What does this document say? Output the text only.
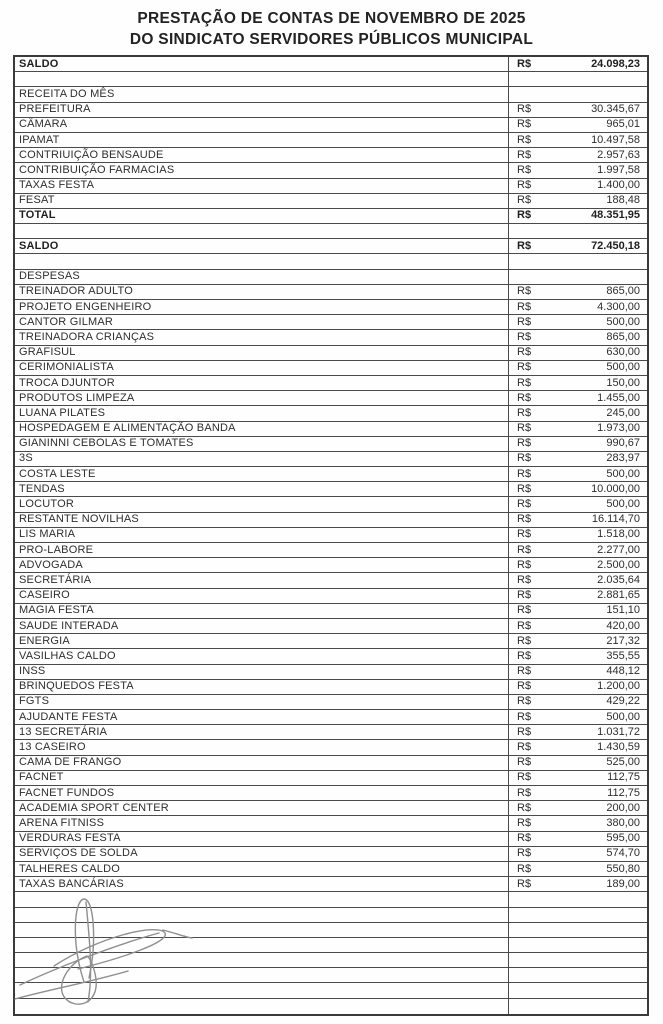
PRESTAÇÃO DE CONTAS DE NOVEMBRO DE 2025
DO SINDICATO SERVIDORES PÚBLICOS MUNICIPAL
SALDO	R$	24.098,23
RECEITA DO MÊS
PREFEITURA	R$	30.345,67
CÂMARA	R$	965,01
IPAMAT	R$	10.497,58
CONTRIUIÇÃO BENSAUDE	R$	2.957,63
CONTRIBUIÇÃO FARMACIAS	R$	1.997,58
TAXAS FESTA	R$	1.400,00
FESAT	R$	188,48
TOTAL	R$	48.351,95
SALDO	R$	72.450,18
DESPESAS
TREINADOR ADULTO	R$	865,00
PROJETO ENGENHEIRO	R$	4.300,00
CANTOR GILMAR	R$	500,00
TREINADORA CRIANÇAS	R$	865,00
GRAFISUL	R$	630,00
CERIMONIALISTA	R$	500,00
TROCA DJUNTOR	R$	150,00
PRODUTOS LIMPEZA	R$	1.455,00
LUANA PILATES	R$	245,00
HOSPEDAGEM E ALIMENTAÇÃO BANDA	R$	1.973,00
GIANINNI CEBOLAS E TOMATES	R$	990,67
3S	R$	283,97
COSTA LESTE	R$	500,00
TENDAS	R$	10.000,00
LOCUTOR	R$	500,00
RESTANTE NOVILHAS	R$	16.114,70
LIS MARIA	R$	1.518,00
PRO-LABORE	R$	2.277,00
ADVOGADA	R$	2.500,00
SECRETÁRIA	R$	2.035,64
CASEIRO	R$	2.881,65
MAGIA FESTA	R$	151,10
SAUDE INTERADA	R$	420,00
ENERGIA	R$	217,32
VASILHAS CALDO	R$	355,55
INSS	R$	448,12
BRINQUEDOS FESTA	R$	1.200,00
FGTS	R$	429,22
AJUDANTE FESTA	R$	500,00
13 SECRETÁRIA	R$	1.031,72
13 CASEIRO	R$	1.430,59
CAMA DE FRANGO	R$	525,00
FACNET	R$	112,75
FACNET FUNDOS	R$	112,75
ACADEMIA SPORT CENTER	R$	200,00
ARENA FITNISS	R$	380,00
VERDURAS FESTA	R$	595,00
SERVIÇOS DE SOLDA	R$	574,70
TALHERES CALDO	R$	550,80
TAXAS BANCÁRIAS	R$	189,00
